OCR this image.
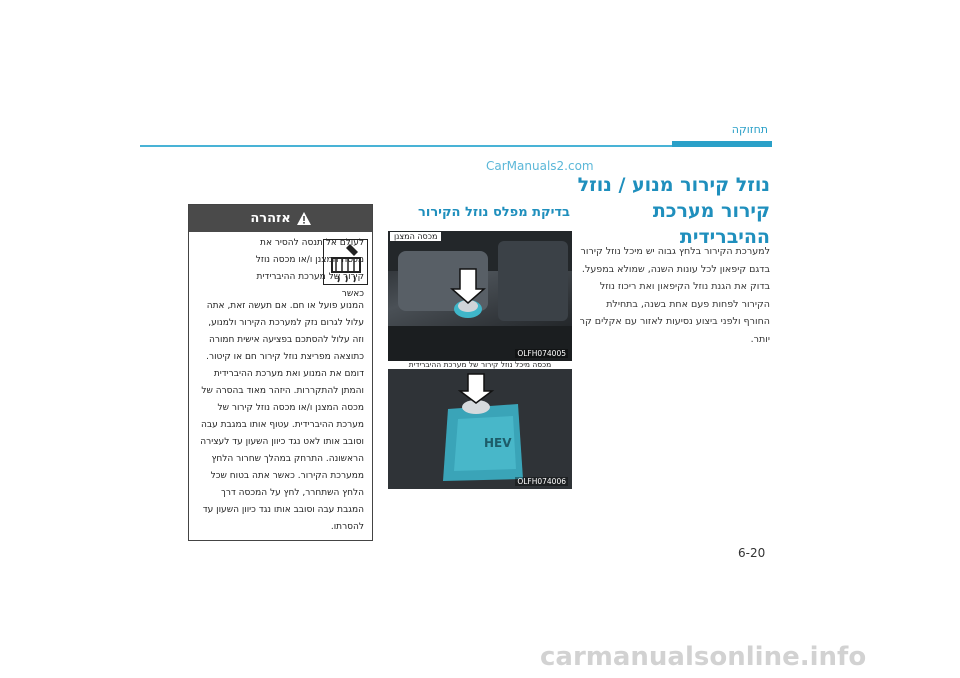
תחזוקה
CarManuals2.com
נוזל קירור מנוע / נוזל
קירור מערכת ההיברידית
למערכת הקירור בלחץ גבוה יש מיכל נוזל קירור בדגם קיפאון לכל עונות השנה, שמולא במפעל. בדוק את הגנת נוזל הקיפאון ואת ריכוז נוזל הקירור לפחות פעם אחת בשנה, בתחילת החורף ולפני ביצוע נסיעות לאזור עם אקלים קר יותר.
בדיקת מפלס נוזל הקירור
מכסה המצנן
OLFH074005
מכסה מיכל נוזל קירור של מערכת ההיברידית
HEV
OLFH074006
אזהרה
לעולם אל תנסה להסיר את מכסה המצנן ו/או מכסה נוזל קירור של מערכת ההיברידית כאשר
המנוע פועל או חם. אם תעשה זאת, אתה עלול לגרום נזק למערכת הקירור ולמנוע, וזה עלול להסתכם בפציעה אישית חמורה כתוצאה מפריצת נוזל קירור חם או קיטור. דומם את המנוע ואת מערכת ההיברידית והמתן להתקררות. היזהר מאוד בהסרה של מכסה המצנן ו/או מכסה נוזל קירור של מערכת ההיברידית. עטוף אותו במגבת עבה וסובב אותו לאט נגד כיוון השעון עד לעצירה הראשונה. התרחק במהלך שחרור הלחץ ממערכת הקירור. כאשר אתה בטוח שכל הלחץ השתחרר, לחץ על המכסה דרך המגבת עבה וסובב אותו נגד כיוון השעון עד להסרתו.
6-20
carmanualsonline.info
